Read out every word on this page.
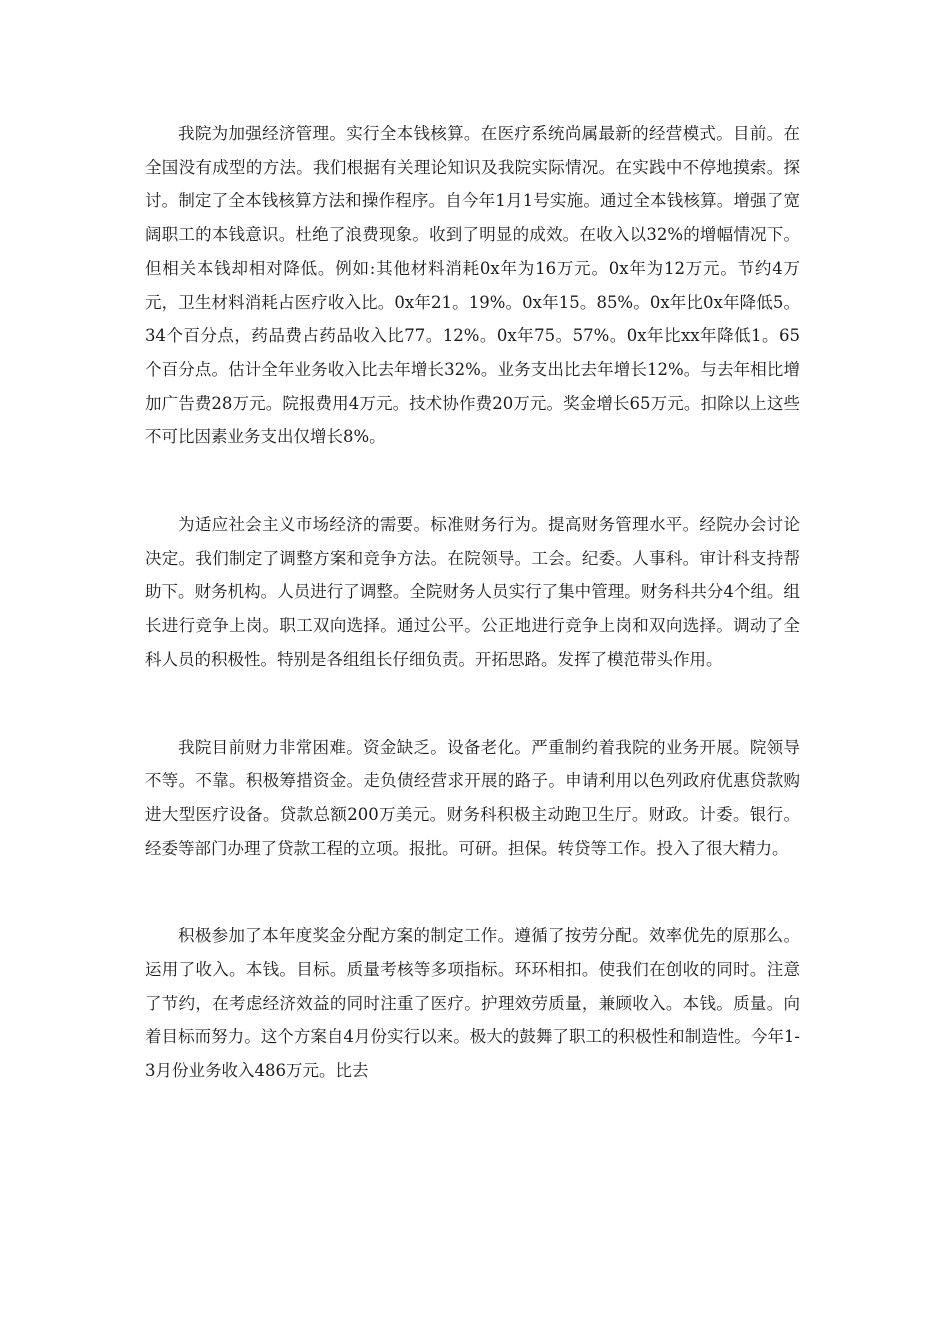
我院为加强经济管理。实行全本钱核算。在医疗系统尚属最新的经营模式。目前。在全国没有成型的方法。我们根据有关理论知识及我院实际情况。在实践中不停地摸索。探讨。制定了全本钱核算方法和操作程序。自今年1月1号实施。通过全本钱核算。增强了宽阔职工的本钱意识。杜绝了浪费现象。收到了明显的成效。在收入以32%的增幅情况下。但相关本钱却相对降低。例如:其他材料消耗0x年为16万元。0x年为12万元。节约4万元，卫生材料消耗占医疗收入比。0x年21。19%。0x年15。85%。0x年比0x年降低5。34个百分点，药品费占药品收入比77。12%。0x年75。57%。0x年比xx年降低1。65个百分点。估计全年业务收入比去年增长32%。业务支出比去年增长12%。与去年相比增加广告费28万元。院报费用4万元。技术协作费20万元。奖金增长65万元。扣除以上这些不可比因素业务支出仅增长8%。

为适应社会主义市场经济的需要。标准财务行为。提高财务管理水平。经院办会讨论决定。我们制定了调整方案和竞争方法。在院领导。工会。纪委。人事科。审计科支持帮助下。财务机构。人员进行了调整。全院财务人员实行了集中管理。财务科共分4个组。组长进行竞争上岗。职工双向选择。通过公平。公正地进行竞争上岗和双向选择。调动了全科人员的积极性。特别是各组组长仔细负责。开拓思路。发挥了模范带头作用。

我院目前财力非常困难。资金缺乏。设备老化。严重制约着我院的业务开展。院领导不等。不靠。积极筹措资金。走负债经营求开展的路子。申请利用以色列政府优惠贷款购进大型医疗设备。贷款总额200万美元。财务科积极主动跑卫生厅。财政。计委。银行。经委等部门办理了贷款工程的立项。报批。可研。担保。转贷等工作。投入了很大精力。

积极参加了本年度奖金分配方案的制定工作。遵循了按劳分配。效率优先的原那么。运用了收入。本钱。目标。质量考核等多项指标。环环相扣。使我们在创收的同时。注意了节约，在考虑经济效益的同时注重了医疗。护理效劳质量，兼顾收入。本钱。质量。向着目标而努力。这个方案自4月份实行以来。极大的鼓舞了职工的积极性和制造性。今年1-3月份业务收入486万元。比去
